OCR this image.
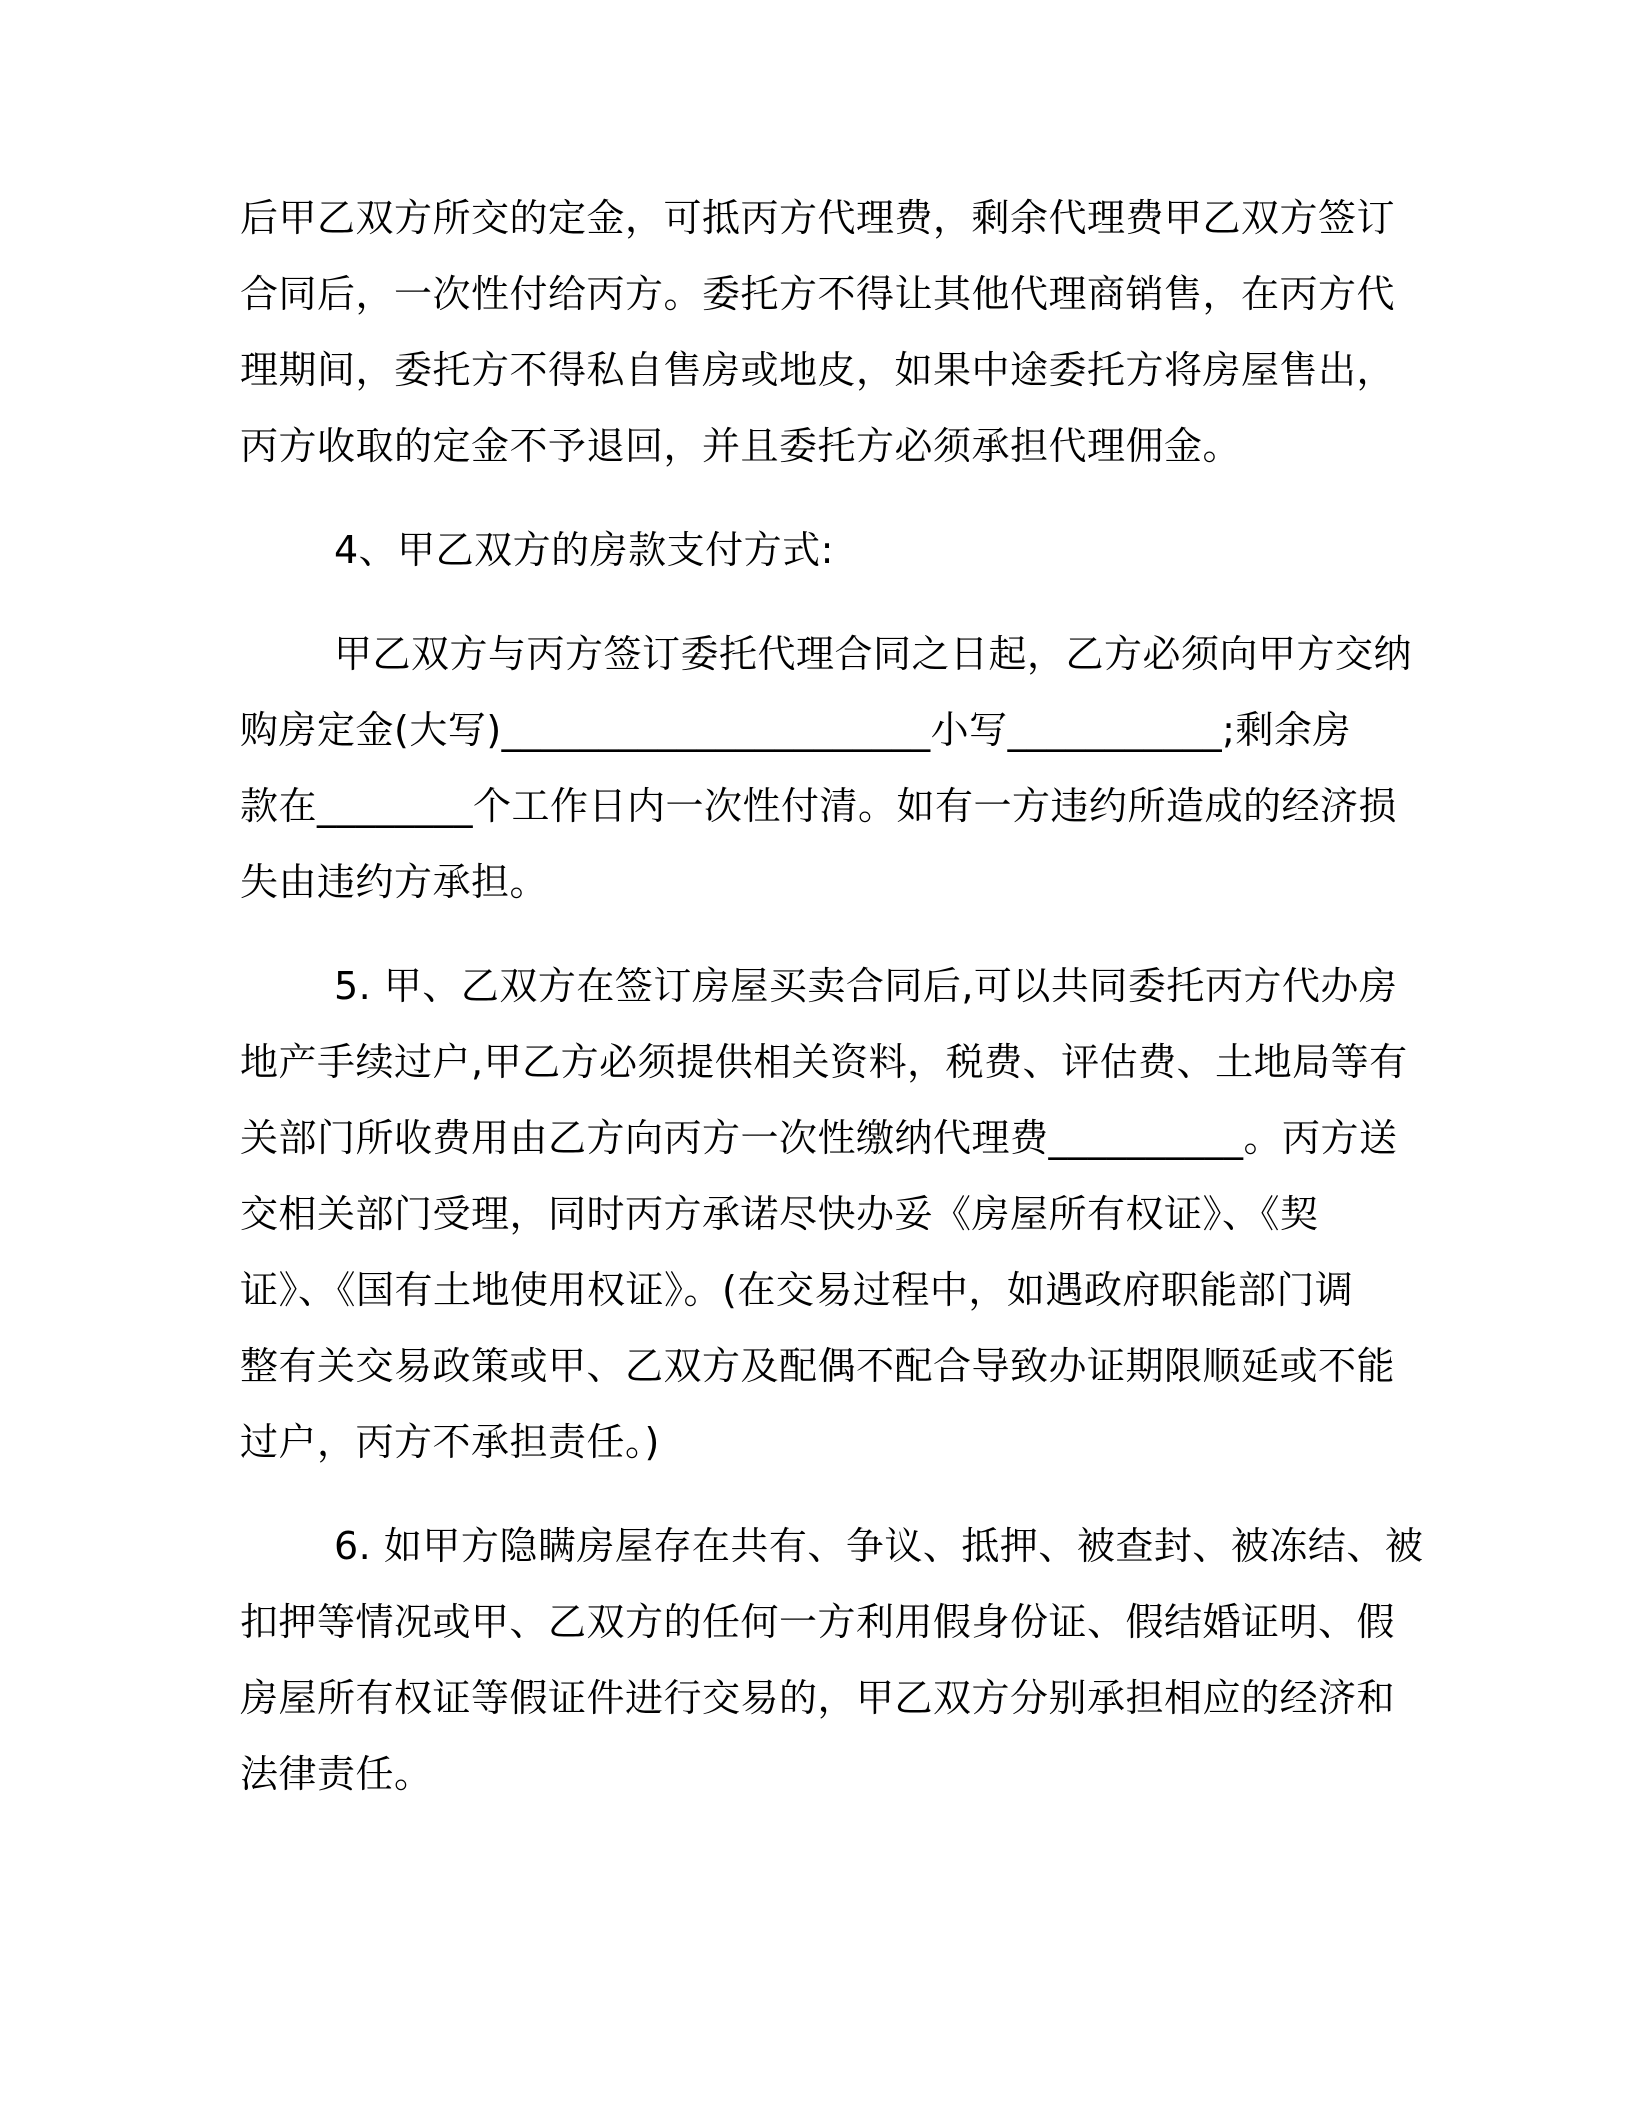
后甲乙双方所交的定金，可抵丙方代理费，剩余代理费甲乙双方签订
合同后，一次性付给丙方。委托方不得让其他代理商销售，在丙方代
理期间，委托方不得私自售房或地皮，如果中途委托方将房屋售出，
丙方收取的定金不予退回，并且委托方必须承担代理佣金。
4、甲乙双方的房款支付方式:
甲乙双方与丙方签订委托代理合同之日起，乙方必须向甲方交纳
购房定金(大写)______________________小写___________;剩余房
款在________个工作日内一次性付清。如有一方违约所造成的经济损
失由违约方承担。
5. 甲、乙双方在签订房屋买卖合同后,可以共同委托丙方代办房
地产手续过户,甲乙方必须提供相关资料，税费、评估费、土地局等有
关部门所收费用由乙方向丙方一次性缴纳代理费__________。丙方送
交相关部门受理，同时丙方承诺尽快办妥《房屋所有权证》、《契
证》、《国有土地使用权证》。(在交易过程中，如遇政府职能部门调
整有关交易政策或甲、乙双方及配偶不配合导致办证期限顺延或不能
过户，丙方不承担责任。)
6. 如甲方隐瞒房屋存在共有、争议、抵押、被查封、被冻结、被
扣押等情况或甲、乙双方的任何一方利用假身份证、假结婚证明、假
房屋所有权证等假证件进行交易的，甲乙双方分别承担相应的经济和
法律责任。
